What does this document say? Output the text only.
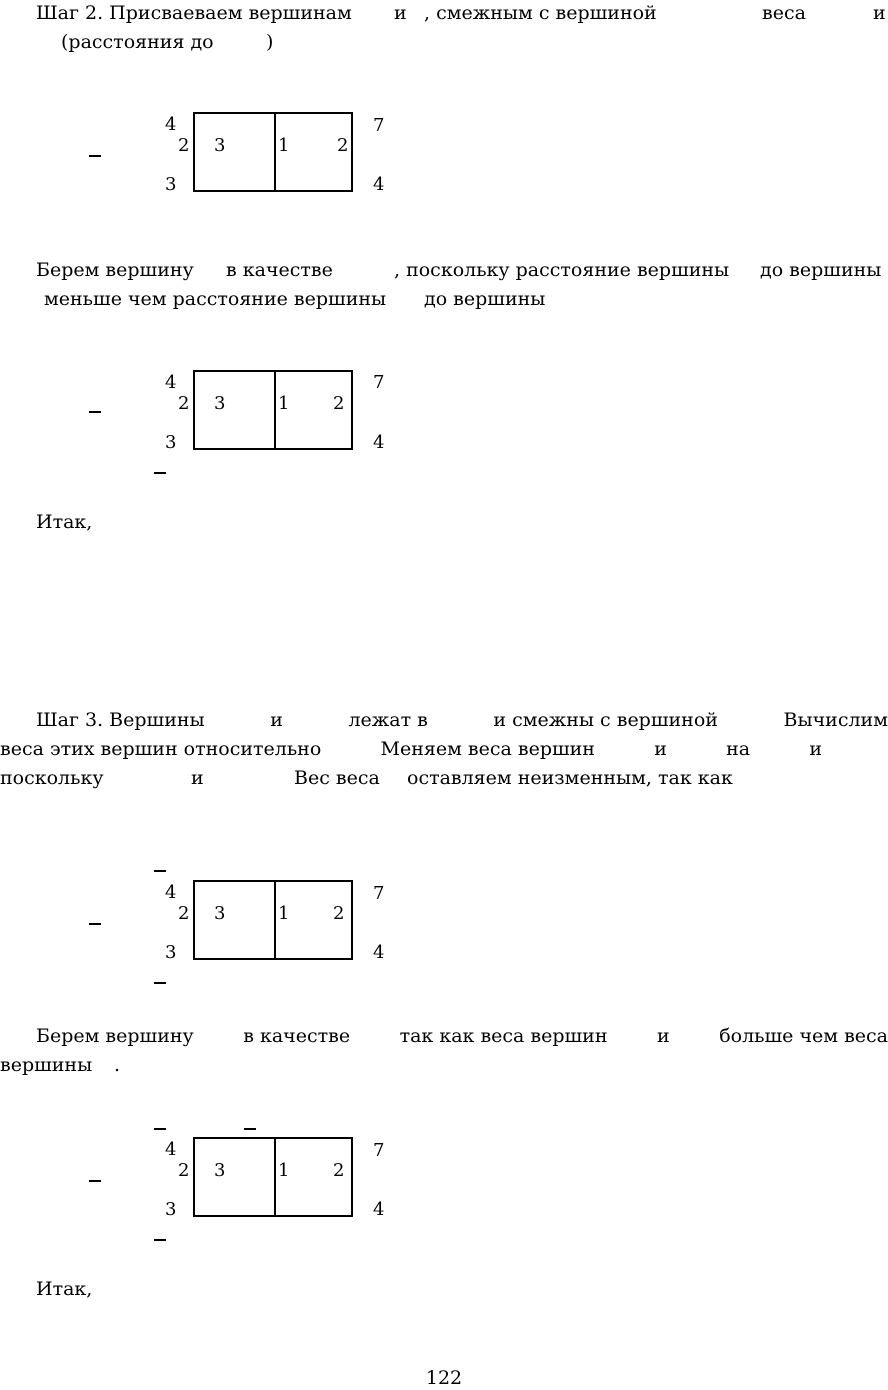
Шаг 2. Присваеваем вершинам и , смежным с вершиной	веса	и
(расстояния до	)
4
2
3
3	1	2
7
4
Берем вершину в качестве	, поскольку расстояние вершины до вершины
меньше чем расстояние вершины до вершины
4
2
3
3	1 2
7
4
Итак,
Шаг 3. Вершины	и	лежат в	и смежны с вершиной	Вычислим
веса этих вершин относительно	Меняем веса вершин	и	на	и
поскольку	и	Вес веса оставляем неизменным, так как
4
2
3
3	1 2
7
4
Берем вершину	в качестве	так как веса вершин	и	больше чем веса
вершины .
4
2
3
3	1 2
7
4
Итак,
122
